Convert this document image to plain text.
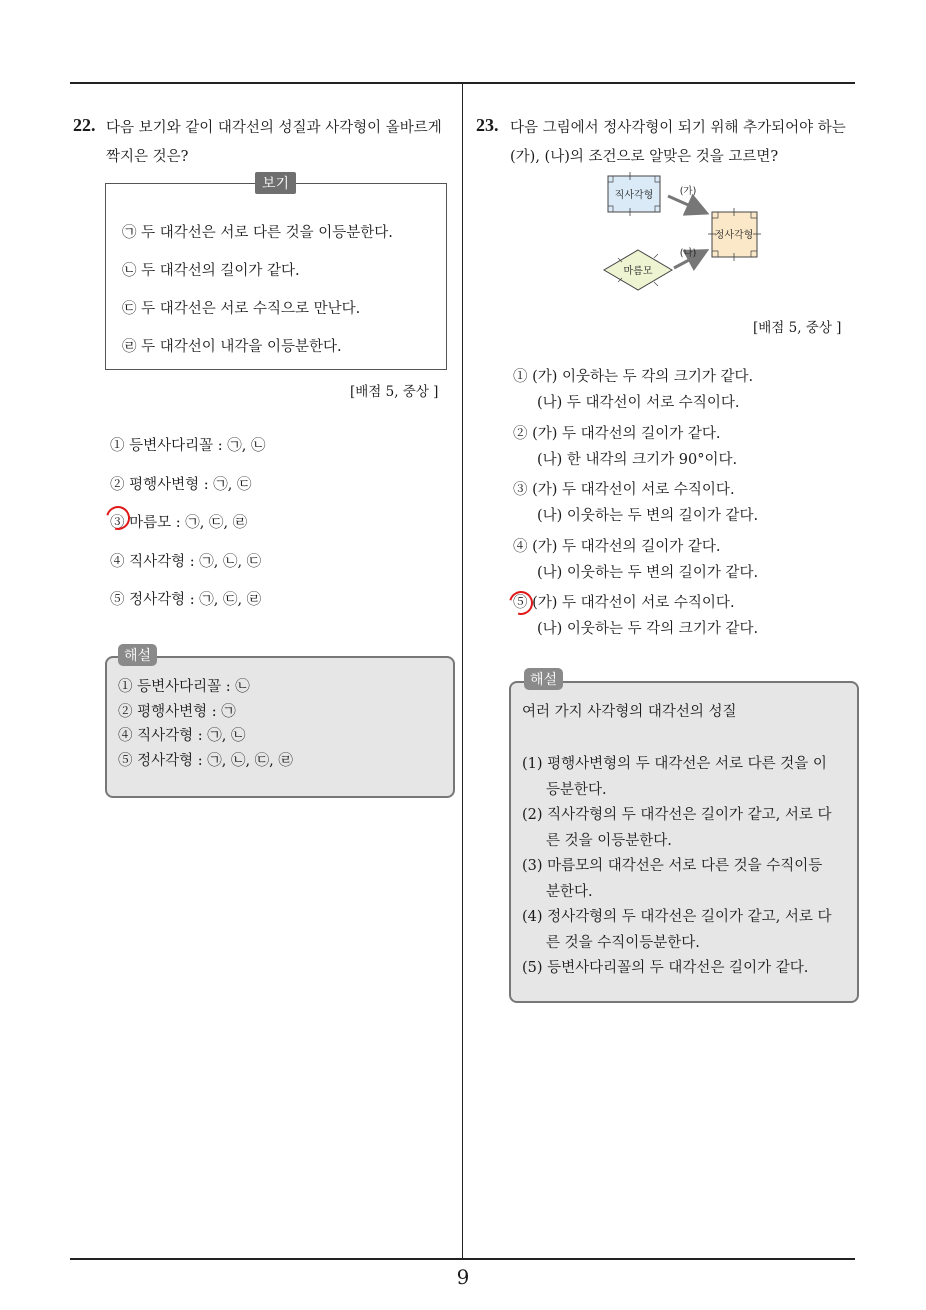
9
22. 다음 보기와 같이 대각선의 성질과 사각형이 올바르게
짝지은 것은?
보기
㉠ 두 대각선은 서로 다른 것을 이등분한다.
㉡ 두 대각선의 길이가 같다.
㉢ 두 대각선은 서로 수직으로 만난다.
㉣ 두 대각선이 내각을 이등분한다.
[배점 5, 중상 ]
① 등변사다리꼴 : ㉠, ㉡
② 평행사변형 : ㉠, ㉢
③ 마름모 : ㉠, ㉢, ㉣
④ 직사각형 : ㉠, ㉡, ㉢
⑤ 정사각형 : ㉠, ㉢, ㉣
해설
① 등변사다리꼴 : ㉡
② 평행사변형 : ㉠
④ 직사각형 : ㉠, ㉡
⑤ 정사각형 : ㉠, ㉡, ㉢, ㉣
23. 다음 그림에서 정사각형이 되기 위해 추가되어야 하는
(가), (나)의 조건으로 알맞은 것을 고르면?
직사각형
마름모
정사각형
(가)
(나)
[배점 5, 중상 ]
① (가) 이웃하는 두 각의 크기가 같다.
(나) 두 대각선이 서로 수직이다.
② (가) 두 대각선의 길이가 같다.
(나) 한 내각의 크기가 90°이다.
③ (가) 두 대각선이 서로 수직이다.
(나) 이웃하는 두 변의 길이가 같다.
④ (가) 두 대각선의 길이가 같다.
(나) 이웃하는 두 변의 길이가 같다.
⑤ (가) 두 대각선이 서로 수직이다.
(나) 이웃하는 두 각의 크기가 같다.
해설
여러 가지 사각형의 대각선의 성질
(1) 평행사변형의 두 대각선은 서로 다른 것을 이
등분한다.
(2) 직사각형의 두 대각선은 길이가 같고, 서로 다
른 것을 이등분한다.
(3) 마름모의 대각선은 서로 다른 것을 수직이등
분한다.
(4) 정사각형의 두 대각선은 길이가 같고, 서로 다
른 것을 수직이등분한다.
(5) 등변사다리꼴의 두 대각선은 길이가 같다.
